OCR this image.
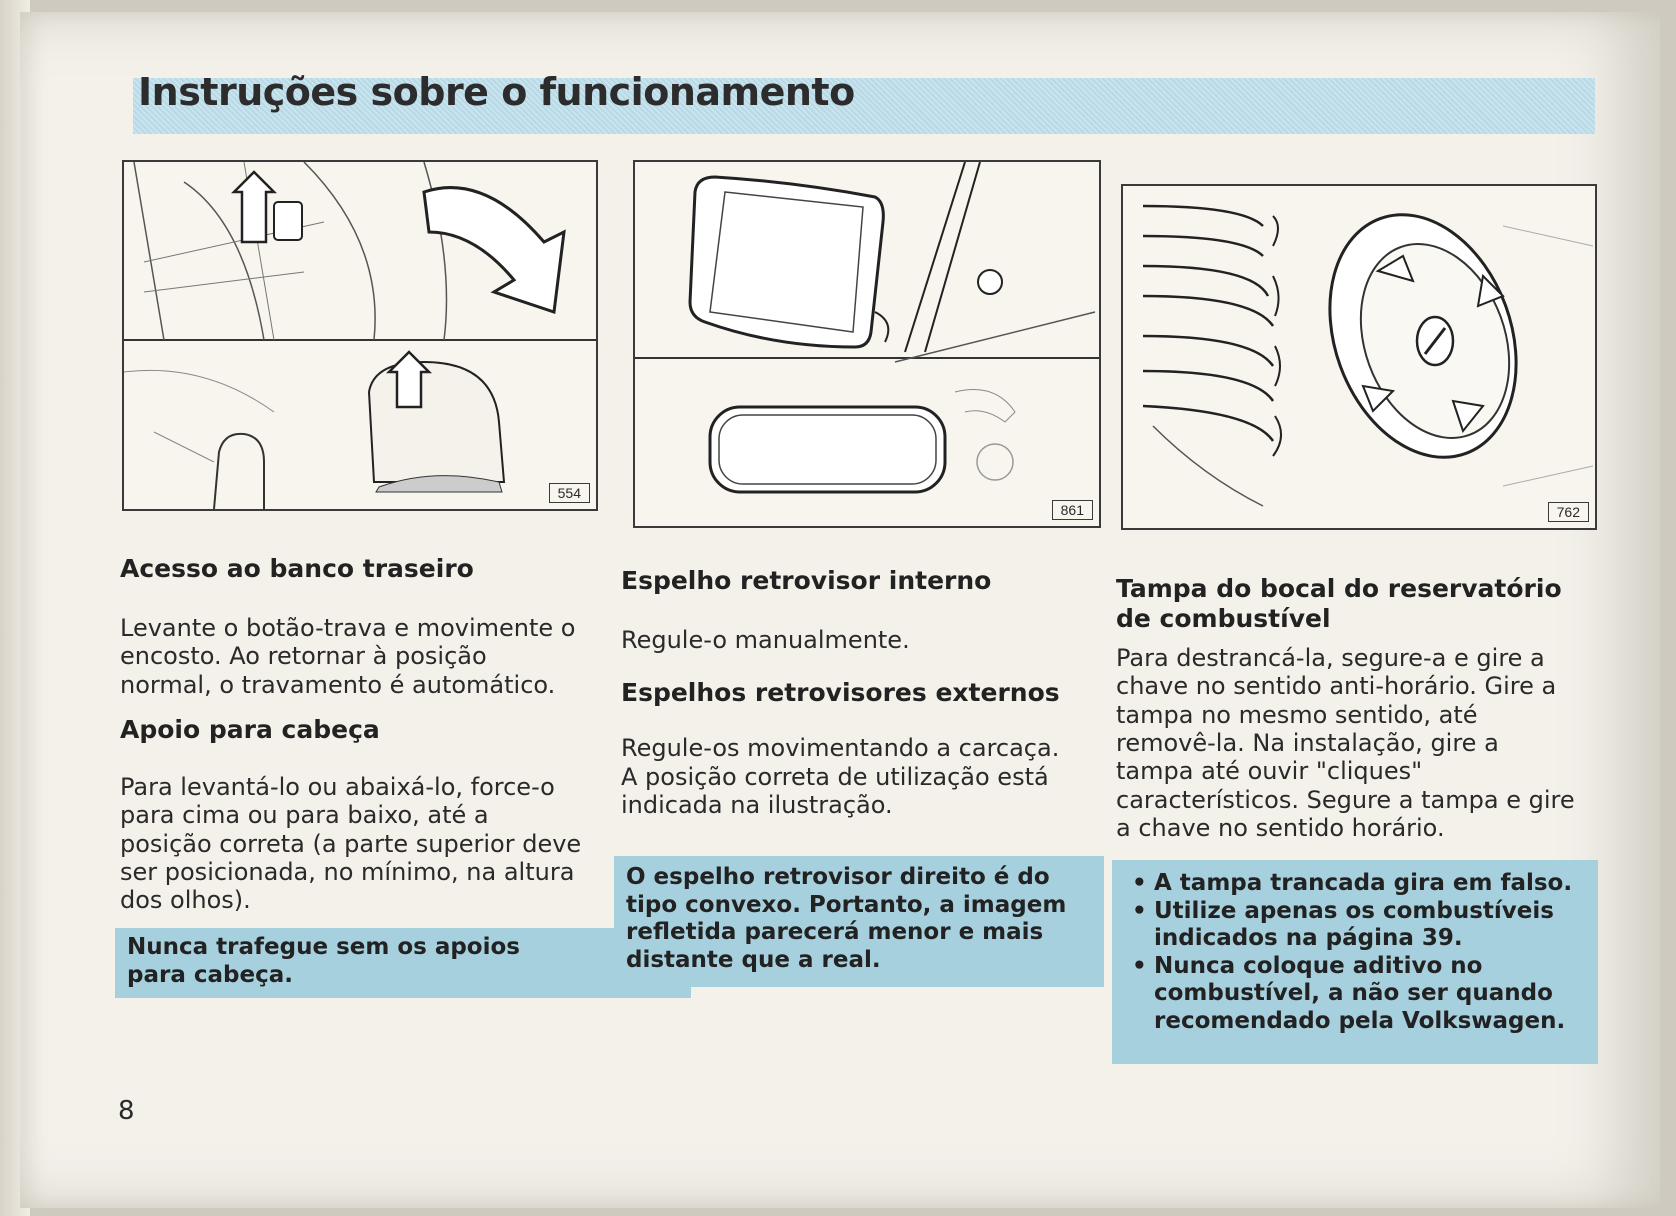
Instruções sobre o funcionamento
554
861	762
Acesso ao banco traseiro

Levante o botão-trava e movimente o encosto. Ao retornar à posição normal, o travamento é automático.

Apoio para cabeça

Para levantá-lo ou abaixá-lo, force-o para cima ou para baixo, até a posição correta (a parte superior deve ser posicionada, no mínimo, na altura dos olhos).

Nunca trafegue sem os apoios para cabeça.

Espelho retrovisor interno

Regule-o manualmente.

Espelhos retrovisores externos

Regule-os movimentando a carcaça. A posição correta de utilização está indicada na ilustração.

O espelho retrovisor direito é do tipo convexo. Portanto, a imagem refletida parecerá menor e mais distante que a real.

Tampa do bocal do reservatório de combustível

Para destrancá-la, segure-a e gire a chave no sentido anti-horário. Gire a tampa no mesmo sentido, até removê-la. Na instalação, gire a tampa até ouvir "cliques" característicos. Segure a tampa e gire a chave no sentido horário.

• A tampa trancada gira em falso.
• Utilize apenas os combustíveis indicados na página 39.
• Nunca coloque aditivo no combustível, a não ser quando recomendado pela Volkswagen.
8
